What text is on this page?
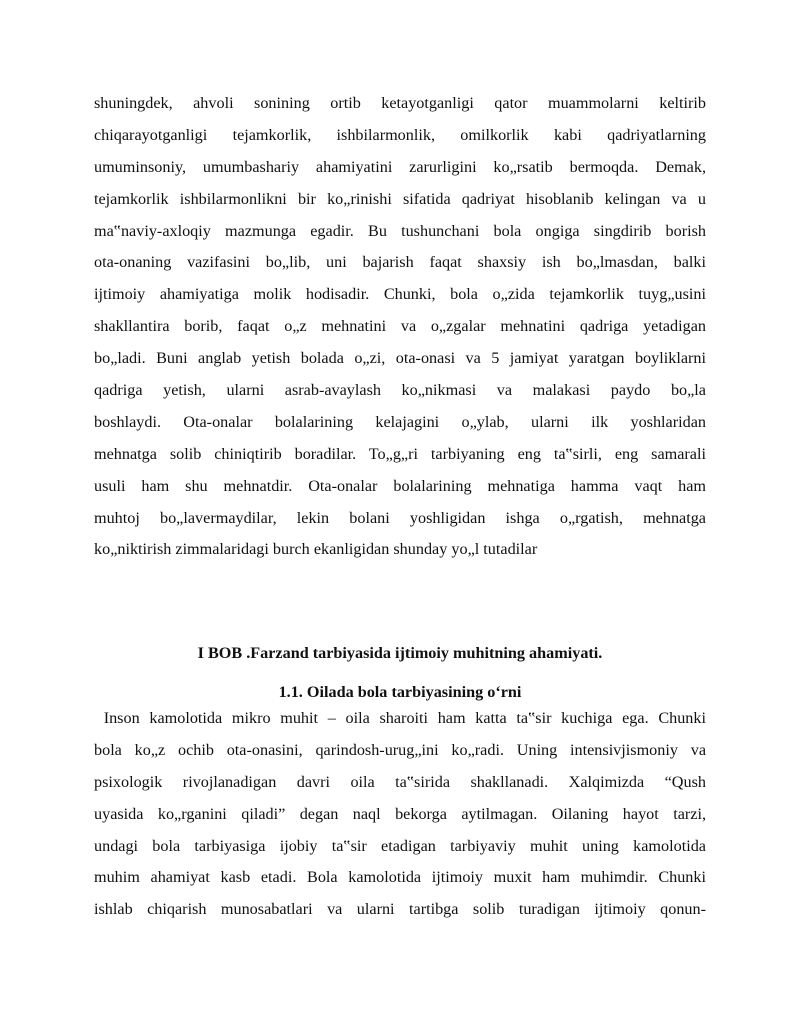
shuningdek, ahvoli sonining ortib ketayotganligi qator muammolarni keltirib
chiqarayotganligi tejamkorlik, ishbilarmonlik, omilkorlik kabi qadriyatlarning
umuminsoniy, umumbashariy ahamiyatini zarurligini ko„rsatib bermoqda. Demak,
tejamkorlik ishbilarmonlikni bir ko„rinishi sifatida qadriyat hisoblanib kelingan va u
ma‟naviy-axloqiy mazmunga egadir. Bu tushunchani bola ongiga singdirib borish
ota-onaning vazifasini bo„lib, uni bajarish faqat shaxsiy ish bo„lmasdan, balki
ijtimoiy ahamiyatiga molik hodisadir. Chunki, bola o„zida tejamkorlik tuyg„usini
shakllantira borib, faqat o„z mehnatini va o„zgalar mehnatini qadriga yetadigan
bo„ladi. Buni anglab yetish bolada o„zi, ota-onasi va 5 jamiyat yaratgan boyliklarni
qadriga yetish, ularni asrab-avaylash ko„nikmasi va malakasi paydo bo„la
boshlaydi. Ota-onalar bolalarining kelajagini o„ylab, ularni ilk yoshlaridan
mehnatga solib chiniqtirib boradilar. To„g„ri tarbiyaning eng ta‟sirli, eng samarali
usuli ham shu mehnatdir. Ota-onalar bolalarining mehnatiga hamma vaqt ham
muhtoj bo„lavermaydilar, lekin bolani yoshligidan ishga o„rgatish, mehnatga
ko„niktirish zimmalaridagi burch ekanligidan shunday yo„l tutadilar
I BOB .Farzand tarbiyasida ijtimoiy muhitning ahamiyati.
1.1. Oilada bola tarbiyasining o‘rni
Inson kamolotida mikro muhit – oila sharoiti ham katta ta‟sir kuchiga ega. Chunki
bola ko„z ochib ota-onasini, qarindosh-urug„ini ko„radi. Uning intensivjismoniy va
psixologik rivojlanadigan davri oila ta‟sirida shakllanadi. Xalqimizda “Qush
uyasida ko„rganini qiladi” degan naql bekorga aytilmagan. Oilaning hayot tarzi,
undagi bola tarbiyasiga ijobiy ta‟sir etadigan tarbiyaviy muhit uning kamolotida
muhim ahamiyat kasb etadi. Bola kamolotida ijtimoiy muxit ham muhimdir. Chunki
ishlab chiqarish munosabatlari va ularni tartibga solib turadigan ijtimoiy qonun-
